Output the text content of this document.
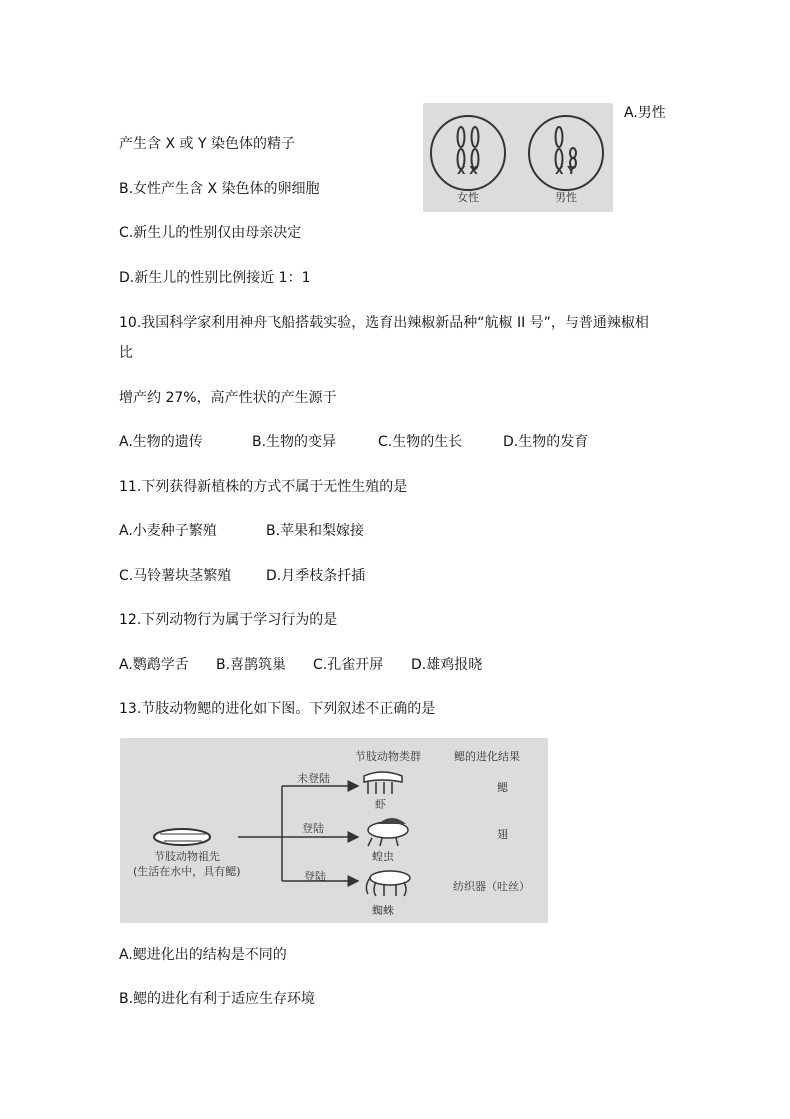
X X	X Y
女性	男性
A.男性
产生含 X 或 Y 染色体的精子
B.女性产生含 X 染色体的卵细胞
C.新生儿的性别仅由母亲决定
D.新生儿的性别比例接近 1：1
10.我国科学家利用神舟飞船搭载实验，选育出辣椒新品种“航椒 II 号”，与普通辣椒相
比
增产约 27%，高产性状的产生源于
A.生物的遗传	B.生物的变异	C.生物的生长	D.生物的发育
11.下列获得新植株的方式不属于无性生殖的是
A.小麦种子繁殖	B.苹果和梨嫁接
C.马铃薯块茎繁殖 D.月季枝条扦插
12.下列动物行为属于学习行为的是
A.鹦鹉学舌 B.喜鹊筑巢 C.孔雀开屏 D.雄鸡报晓
13.节肢动物鳃的进化如下图。下列叙述不正确的是
节肢动物类群	鳃的进化结果
节肢动物祖先
(生活在水中，具有鳃)
未登陆
虾
鳃
登陆
蝗虫
翅
登陆
蜘蛛
纺织器（吐丝）
A.鳃进化出的结构是不同的
B.鳃的进化有利于适应生存环境
